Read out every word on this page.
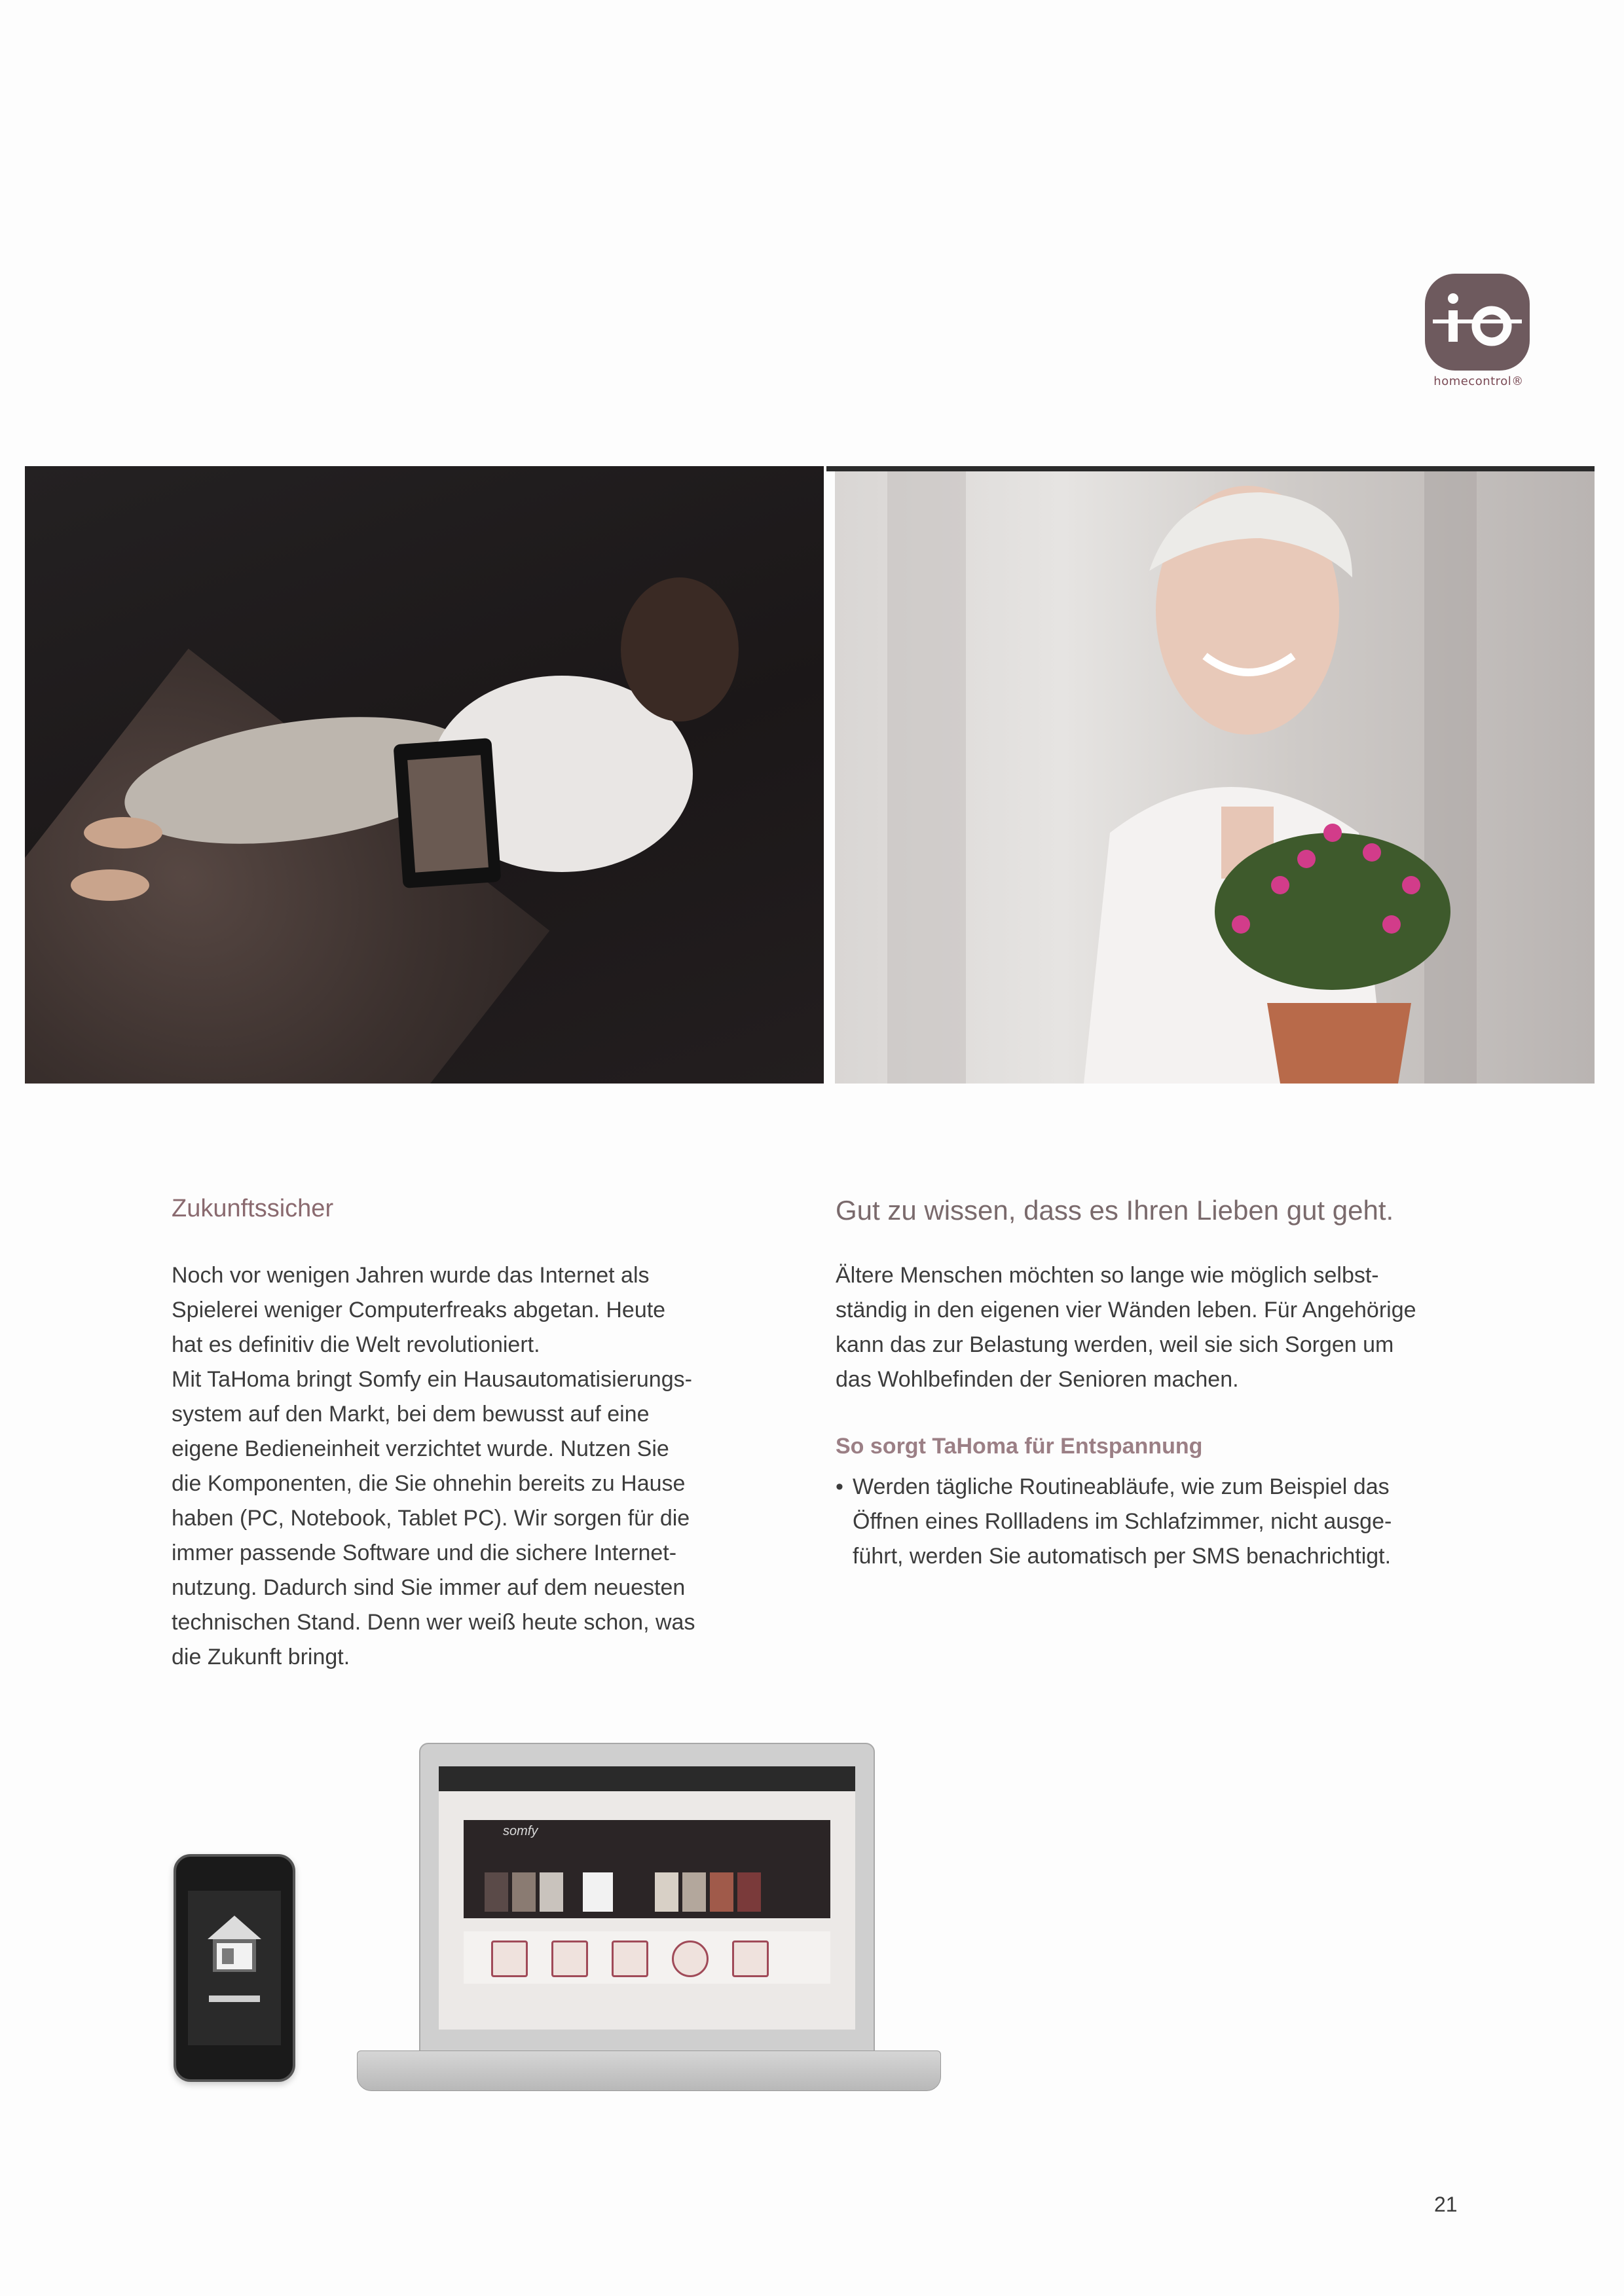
homecontrol®
Zukunftssicher

Noch vor wenigen Jahren wurde das Internet als

Spielerei weniger Computerfreaks abgetan. Heute

hat es definitiv die Welt revolutioniert.

Mit TaHoma bringt Somfy ein Hausautomatisierungs-

system auf den Markt, bei dem bewusst auf eine

eigene Bedieneinheit verzichtet wurde. Nutzen Sie

die Komponenten, die Sie ohnehin bereits zu Hause

haben (PC, Notebook, Tablet PC). Wir sorgen für die

immer passende Software und die sichere Internet-

nutzung. Dadurch sind Sie immer auf dem neuesten

technischen Stand. Denn wer weiß heute schon, was

die Zukunft bringt.

Gut zu wissen, dass es Ihren Lieben gut geht.
Ältere Menschen möchten so lange wie möglich selbst-
ständig in den eigenen vier Wänden leben. Für Angehörige
kann das zur Belastung werden, weil sie sich Sorgen um
das Wohlbefinden der Senioren machen.
So sorgt TaHoma für Entspannung
• Werden tägliche Routineabläufe, wie zum Beispiel das
Öffnen eines Rollladens im Schlafzimmer, nicht ausge-
führt, werden Sie automatisch per SMS benachrichtigt.
somfy
21
